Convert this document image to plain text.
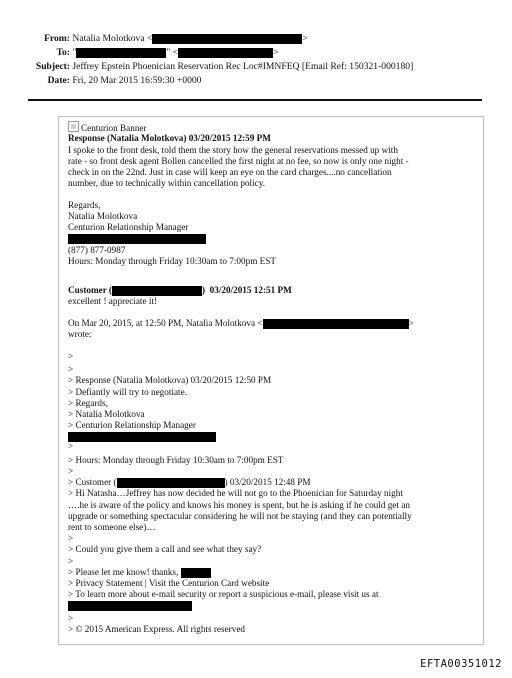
From: Natalia Molotkova <	>
To: "	" <	>
Subject: Jeffrey Epstein Phoenician Reservation Rec Loc#IMNFEQ [Email Ref: 150321-000180]
Date: Fri, 20 Mar 2015 16:59:30 +0000
Centurion Banner
Response (Natalia Molotkova) 03/20/2015 12:59 PM
I spoke to the front desk, told them the story how the general reservations messed up with
rate - so front desk agent Bollen cancelled the first night at no fee, so now is only one night -
check in on the 22nd. Just in case will keep an eye on the card charges....no cancellation
number, due to technically within cancellation policy.
Regards,
Natalia Molotkova
Centurion Relationship Manager
(877) 877-0987
Hours: Monday through Friday 10:30am to 7:00pm EST
Customer (	) 03/20/2015 12:51 PM
excellent ! appreciate it!
On Mar 20, 2015, at 12:50 PM, Natalia Molotkova <	>
wrote:
>
>
> Response (Natalia Molotkova) 03/20/2015 12:50 PM
> Defiantly will try to negotiate.
> Regards,
> Natalia Molotkova
> Centurion Relationship Manager
>
> Hours: Monday through Friday 10:30am to 7:00pm EST
>
> Customer (	) 03/20/2015 12:48 PM
> Hi Natasha…Jeffrey has now decided he will not go to the Phoenician for Saturday night
….he is aware of the policy and knows his money is spent, but he is asking if he could get an
upgrade or something spectacular considering he will not be staying (and they can potentially
rent to someone else)…
>
> Could you give them a call and see what they say?
>
> Please let me know! thanks,
> Privacy Statement | Visit the Centurion Card website
> To learn more about e-mail security or report a suspicious e-mail, please visit us at
>
> © 2015 American Express. All rights reserved
EFTA00351012
